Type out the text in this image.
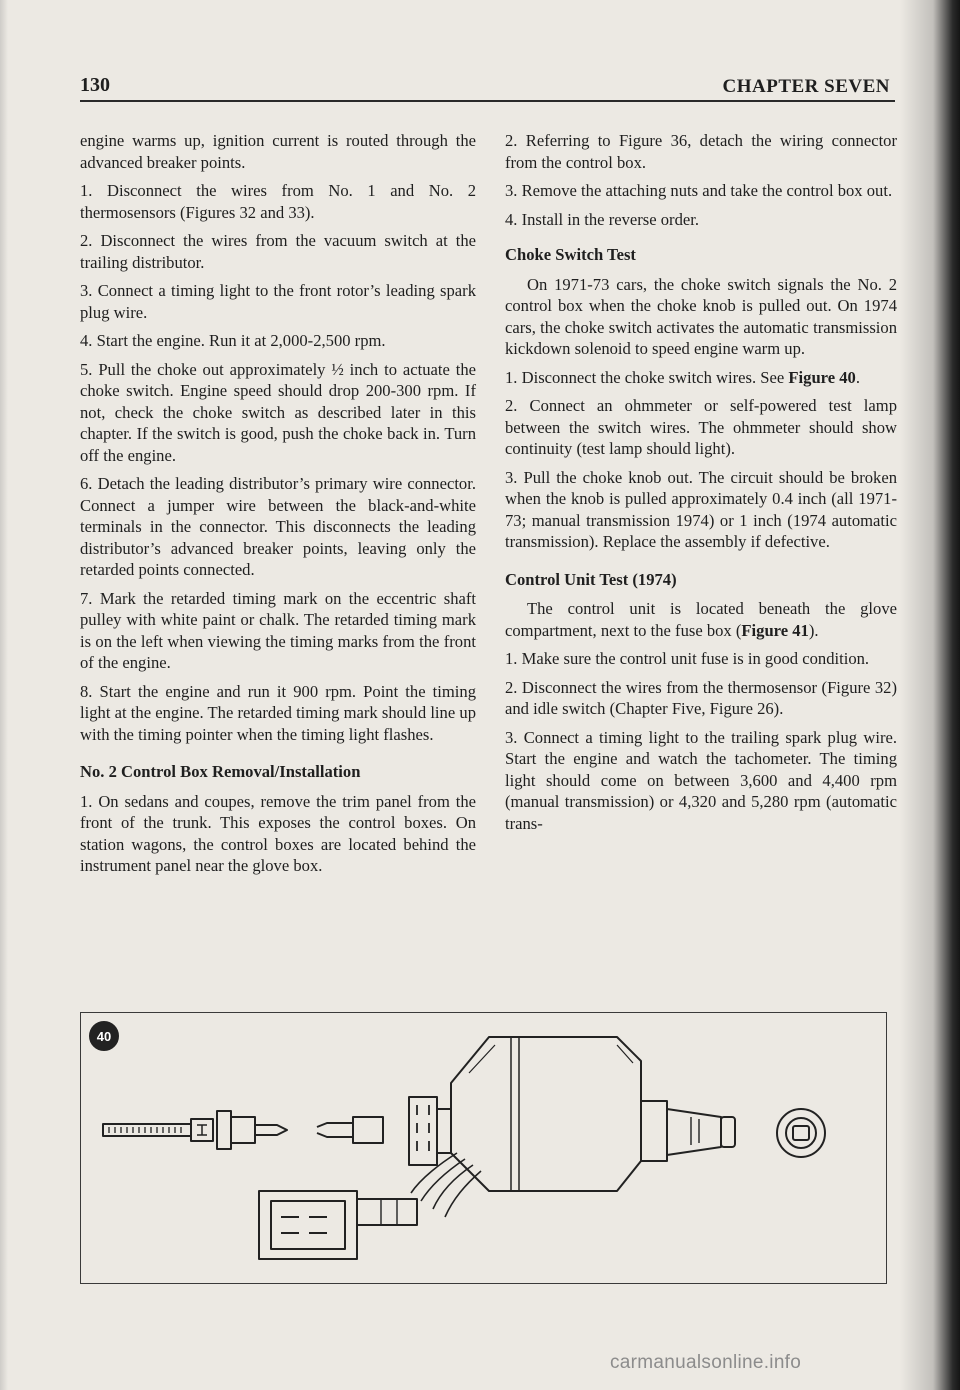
130	CHAPTER SEVEN

engine warms up, ignition current is routed through the advanced breaker points.

1. Disconnect the wires from No. 1 and No. 2 thermosensors (Figures 32 and 33).

2. Disconnect the wires from the vacuum switch at the trailing distributor.

3. Connect a timing light to the front rotor’s leading spark plug wire.

4. Start the engine. Run it at 2,000-2,500 rpm.

5. Pull the choke out approximately ½ inch to actuate the choke switch. Engine speed should drop 200-300 rpm. If not, check the choke switch as described later in this chapter. If the switch is good, push the choke back in. Turn off the engine.

6. Detach the leading distributor’s primary wire connector. Connect a jumper wire between the black-and-white terminals in the connector. This disconnects the leading distributor’s advanced breaker points, leaving only the retarded points connected.

7. Mark the retarded timing mark on the eccentric shaft pulley with white paint or chalk. The retarded timing mark is on the left when viewing the timing marks from the front of the engine.

8. Start the engine and run it 900 rpm. Point the timing light at the engine. The retarded timing mark should line up with the timing pointer when the timing light flashes.

No. 2 Control Box Removal/Installation

1. On sedans and coupes, remove the trim panel from the front of the trunk. This exposes the control boxes. On station wagons, the control boxes are located behind the instrument panel near the glove box.

2. Referring to Figure 36, detach the wiring connector from the control box.

3. Remove the attaching nuts and take the control box out.

4. Install in the reverse order.

Choke Switch Test

On 1971-73 cars, the choke switch signals the No. 2 control box when the choke knob is pulled out. On 1974 cars, the choke switch activates the automatic transmission kickdown solenoid to speed engine warm up.

1. Disconnect the choke switch wires. See Figure 40.

2. Connect an ohmmeter or self-powered test lamp between the switch wires. The ohmmeter should show continuity (test lamp should light).

3. Pull the choke knob out. The circuit should be broken when the knob is pulled approximately 0.4 inch (all 1971-73; manual transmission 1974) or 1 inch (1974 automatic transmission). Replace the assembly if defective.

Control Unit Test (1974)

The control unit is located beneath the glove compartment, next to the fuse box (Figure 41).

1. Make sure the control unit fuse is in good condition.

2. Disconnect the wires from the thermosensor (Figure 32) and idle switch (Chapter Five, Figure 26).

3. Connect a timing light to the trailing spark plug wire. Start the engine and watch the tachometer. The timing light should come on between 3,600 and 4,400 rpm (manual transmission) or 4,320 and 5,280 rpm (automatic trans-

40
carmanualsonline.info
